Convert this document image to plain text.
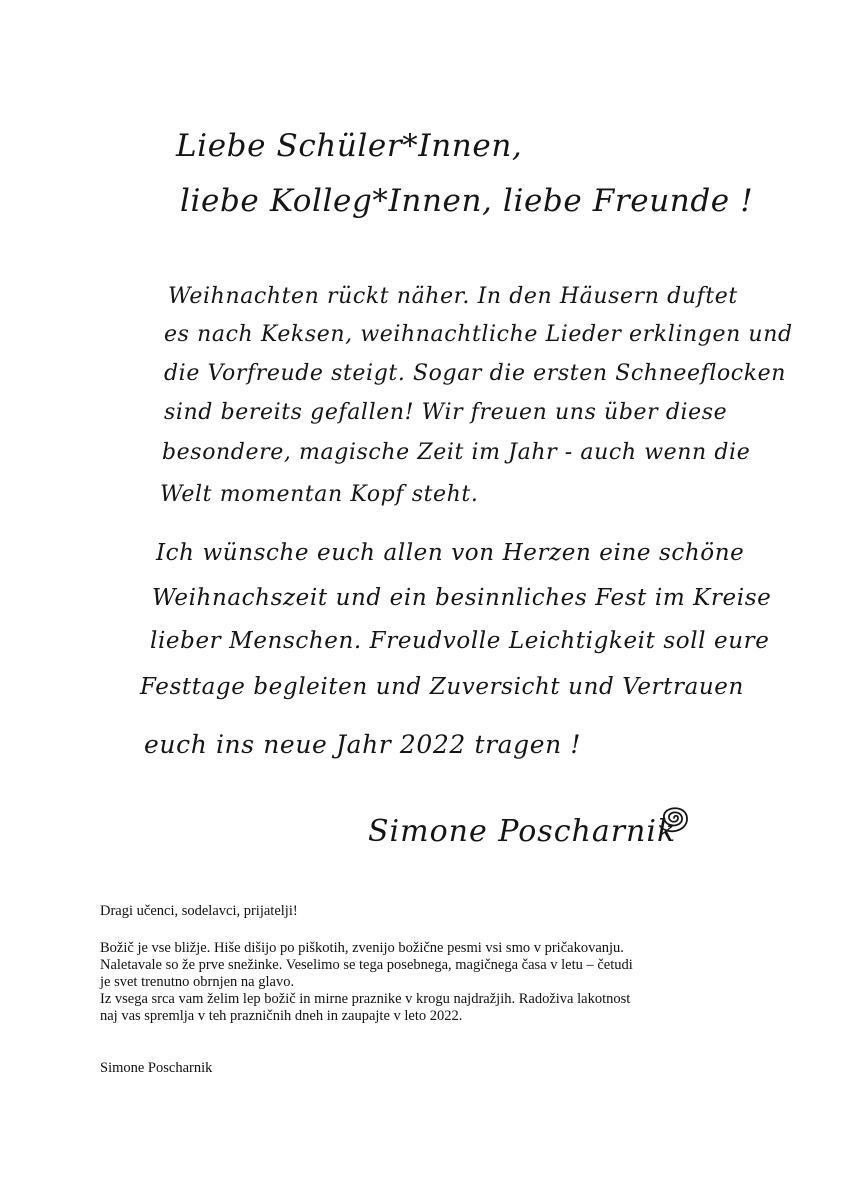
Liebe Schüler*Innen,
liebe Kolleg*Innen, liebe Freunde !
Weihnachten rückt näher. In den Häusern duftet
es nach Keksen, weihnachtliche Lieder erklingen und
die Vorfreude steigt. Sogar die ersten Schneeflocken
sind bereits gefallen! Wir freuen uns über diese
besondere, magische Zeit im Jahr - auch wenn die
Welt momentan Kopf steht.
Ich wünsche euch allen von Herzen eine schöne
Weihnachszeit und ein besinnliches Fest im Kreise
lieber Menschen. Freudvolle Leichtigkeit soll eure
Festtage begleiten und Zuversicht und Vertrauen
euch ins neue Jahr 2022 tragen !
Simone Poscharnik
Dragi učenci, sodelavci, prijatelji!
Božič je vse bližje. Hiše dišijo po piškotih, zvenijo božične pesmi vsi smo v pričakovanju.
Naletavale so že prve snežinke. Veselimo se tega posebnega, magičnega časa v letu – četudi
je svet trenutno obrnjen na glavo.
Iz vsega srca vam želim lep božič in mirne praznike v krogu najdražjih. Radoživa lakotnost
naj vas spremlja v teh prazničnih dneh in zaupajte v leto 2022.
Simone Poscharnik
